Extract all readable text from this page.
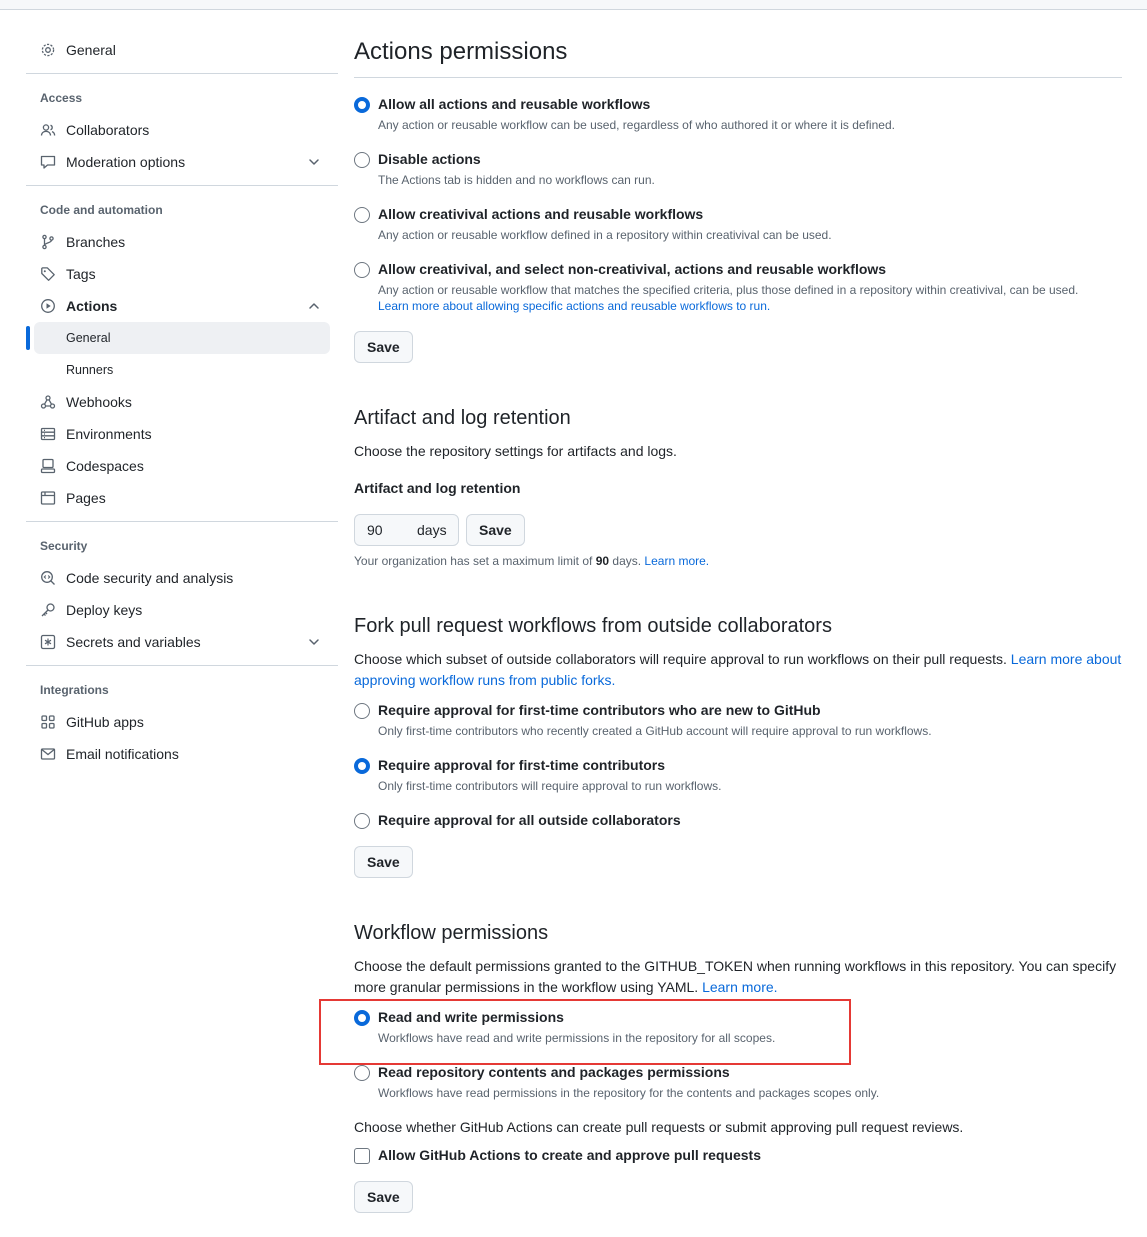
General
Access
Collaborators
Moderation options
Code and automation
Branches
Tags
Actions
General
Runners
Webhooks
Environments
Codespaces
Pages
Security
Code security and analysis
Deploy keys
Secrets and variables
Integrations
GitHub apps
Email notifications
Actions permissions
Allow all actions and reusable workflows
Any action or reusable workflow can be used, regardless of who authored it or where it is defined.
Disable actions
The Actions tab is hidden and no workflows can run.
Allow creativival actions and reusable workflows
Any action or reusable workflow defined in a repository within creativival can be used.
Allow creativival, and select non-creativival, actions and reusable workflows
Any action or reusable workflow that matches the specified criteria, plus those defined in a repository within creativival, can be used. Learn more about allowing specific actions and reusable workflows to run.
Save
Artifact and log retention

Choose the repository settings for artifacts and logs.

Artifact and log retention
90	days	Save

Your organization has set a maximum limit of 90 days. Learn more.

Fork pull request workflows from outside collaborators

Choose which subset of outside collaborators will require approval to run workflows on their pull requests. Learn more about approving workflow runs from public forks.

Require approval for first-time contributors who are new to GitHub
Only first-time contributors who recently created a GitHub account will require approval to run workflows.
Require approval for first-time contributors
Only first-time contributors will require approval to run workflows.
Require approval for all outside collaborators
Save
Workflow permissions

Choose the default permissions granted to the GITHUB_TOKEN when running workflows in this repository. You can specify more granular permissions in the workflow using YAML. Learn more.

Read and write permissions
Workflows have read and write permissions in the repository for all scopes.
Read repository contents and packages permissions
Workflows have read permissions in the repository for the contents and packages scopes only.

Choose whether GitHub Actions can create pull requests or submit approving pull request reviews.

Allow GitHub Actions to create and approve pull requests
Save
